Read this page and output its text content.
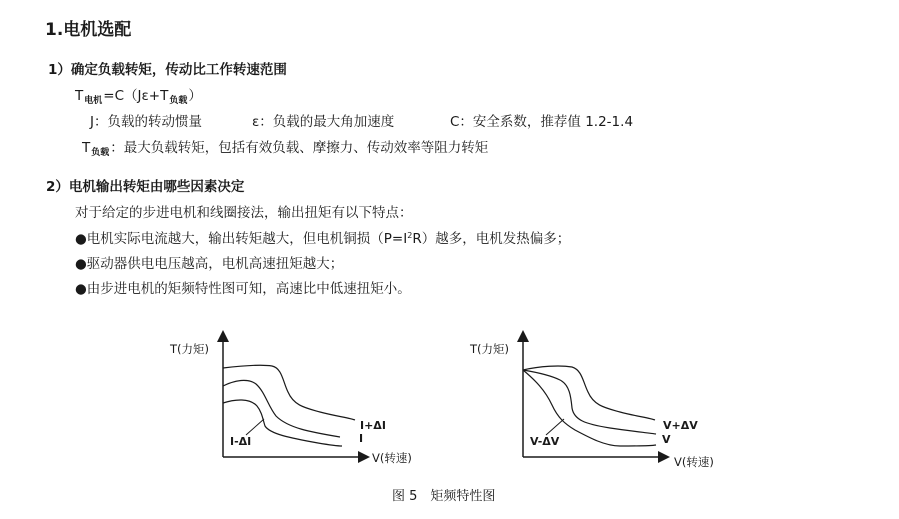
1.电机选配
1）确定负载转矩，传动比工作转速范围
$T_{电机}=C(J\varepsilon+T_{负载})$
J：负载的转动惯量	ε：负载的最大角加速度	C：安全系数，推荐值 1.2-1.4
$T_{负载}$：最大负载转矩，包括有效负载、摩擦力、传动效率等阻力转矩
2）电机输出转矩由哪些因素决定
对于给定的步进电机和线圈接法，输出扭矩有以下特点：
●电机实际电流越大，输出转矩越大，但电机铜损$(P=I^2R)$越多，电机发热偏多；
●驱动器供电电压越高，电机高速扭矩越大；
●由步进电机的矩频特性图可知，高速比中低速扭矩小。
T(力矩)
V(转速)
I+ΔI
I
I-ΔI
T(力矩)
V(转速)
V+ΔV
V
V-ΔV
图 5　矩频特性图
